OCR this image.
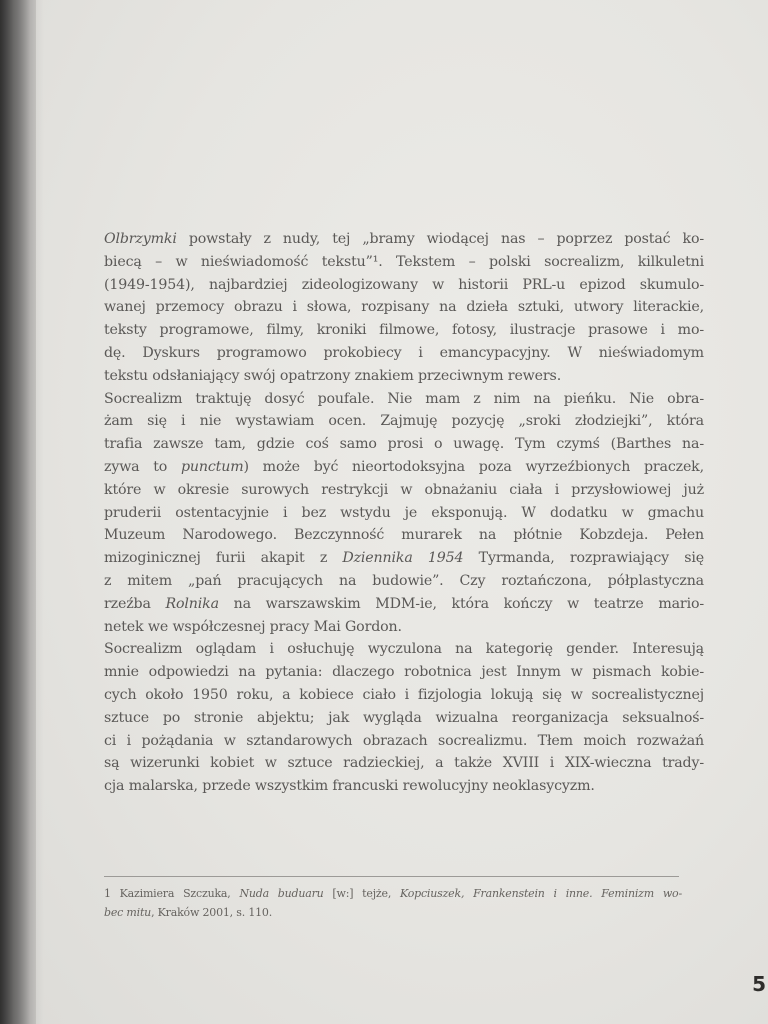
Olbrzymki powstały z nudy, tej „bramy wiodącej nas – poprzez postać ko-
biecą – w nieświadomość tekstu”¹. Tekstem – polski socrealizm, kilkuletni
(1949-1954), najbardziej zideologizowany w historii PRL-u epizod skumulo-
wanej przemocy obrazu i słowa, rozpisany na dzieła sztuki, utwory literackie,
teksty programowe, filmy, kroniki filmowe, fotosy, ilustracje prasowe i mo-
dę. Dyskurs programowo prokobiecy i emancypacyjny. W nieświadomym
tekstu odsłaniający swój opatrzony znakiem przeciwnym rewers.
Socrealizm traktuję dosyć poufale. Nie mam z nim na pieńku. Nie obra-
żam się i nie wystawiam ocen. Zajmuję pozycję „sroki złodziejki”, która
trafia zawsze tam, gdzie coś samo prosi o uwagę. Tym czymś (Barthes na-
zywa to punctum) może być nieortodoksyjna poza wyrzeźbionych praczek,
które w okresie surowych restrykcji w obnażaniu ciała i przysłowiowej już
pruderii ostentacyjnie i bez wstydu je eksponują. W dodatku w gmachu
Muzeum Narodowego. Bezczynność murarek na płótnie Kobzdeja. Pełen
mizoginicznej furii akapit z Dziennika 1954 Tyrmanda, rozprawiający się
z mitem „pań pracujących na budowie”. Czy roztańczona, półplastyczna
rzeźba Rolnika na warszawskim MDM-ie, która kończy w teatrze mario-
netek we współczesnej pracy Mai Gordon.
Socrealizm oglądam i osłuchuję wyczulona na kategorię gender. Interesują
mnie odpowiedzi na pytania: dlaczego robotnica jest Innym w pismach kobie-
cych około 1950 roku, a kobiece ciało i fizjologia lokują się w socrealistycznej
sztuce po stronie abjektu; jak wygląda wizualna reorganizacja seksualnoś-
ci i pożądania w sztandarowych obrazach socrealizmu. Tłem moich rozważań
są wizerunki kobiet w sztuce radzieckiej, a także XVIII i XIX-wieczna trady-
cja malarska, przede wszystkim francuski rewolucyjny neoklasycyzm.
1 Kazimiera Szczuka, Nuda buduaru [w:] tejże, Kopciuszek, Frankenstein i inne. Feminizm wo-
bec mitu, Kraków 2001, s. 110.
5
